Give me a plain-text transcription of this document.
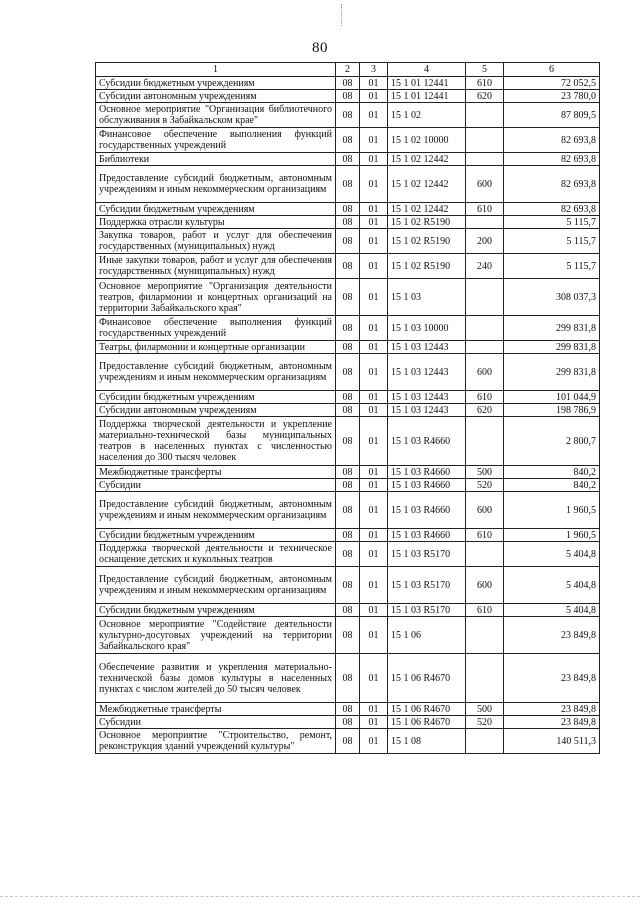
80
1	2	3	4	5	6
Субсидии бюджетным учреждениям	08	01	15 1 01 12441	610	72 052,5
Субсидии автономным учреждениям	08	01	15 1 01 12441	620	23 780,0
Основное мероприятие "Организация библиотечного обслуживания в Забайкальском крае"	08	01	15 1 02		87 809,5
Финансовое обеспечение выполнения функций государственных учреждений	08	01	15 1 02 10000		82 693,8
Библиотеки	08	01	15 1 02 12442		82 693,8
Предоставление субсидий бюджетным, автономным учреждениям и иным некоммерческим организациям	08	01	15 1 02 12442	600	82 693,8
Субсидии бюджетным учреждениям	08	01	15 1 02 12442	610	82 693,8
Поддержка отрасли культуры	08	01	15 1 02 R5190		5 115,7
Закупка товаров, работ и услуг для обеспечения государственных (муниципальных) нужд	08	01	15 1 02 R5190	200	5 115,7
Иные закупки товаров, работ и услуг для обеспечения государственных (муниципальных) нужд	08	01	15 1 02 R5190	240	5 115,7
Основное мероприятие "Организация деятельности театров, филармонии и концертных организаций на территории Забайкальского края"	08	01	15 1 03		308 037,3
Финансовое обеспечение выполнения функций государственных учреждений	08	01	15 1 03 10000		299 831,8
Театры, филармонии и концертные организации	08	01	15 1 03 12443		299 831,8
Предоставление субсидий бюджетным, автономным учреждениям и иным некоммерческим организациям	08	01	15 1 03 12443	600	299 831,8
Субсидии бюджетным учреждениям	08	01	15 1 03 12443	610	101 044,9
Субсидии автономным учреждениям	08	01	15 1 03 12443	620	198 786,9
Поддержка творческой деятельности и укрепление материально-технической базы муниципальных театров в населенных пунктах с численностью населения до 300 тысяч человек	08	01	15 1 03 R4660		2 800,7
Межбюджетные трансферты	08	01	15 1 03 R4660	500	840,2
Субсидии	08	01	15 1 03 R4660	520	840,2
Предоставление субсидий бюджетным, автономным учреждениям и иным некоммерческим организациям	08	01	15 1 03 R4660	600	1 960,5
Субсидии бюджетным учреждениям	08	01	15 1 03 R4660	610	1 960,5
Поддержка творческой деятельности и техническое оснащение детских и кукольных театров	08	01	15 1 03 R5170		5 404,8
Предоставление субсидий бюджетным, автономным учреждениям и иным некоммерческим организациям	08	01	15 1 03 R5170	600	5 404,8
Субсидии бюджетным учреждениям	08	01	15 1 03 R5170	610	5 404,8
Основное мероприятие "Содействие деятельности культурно-досуговых учреждений на территории Забайкальского края"	08	01	15 1 06		23 849,8
Обеспечение развития и укрепления материально-технической базы домов культуры в населенных пунктах с числом жителей до 50 тысяч человек	08	01	15 1 06 R4670		23 849,8
Межбюджетные трансферты	08	01	15 1 06 R4670	500	23 849,8
Субсидии	08	01	15 1 06 R4670	520	23 849,8
Основное мероприятие "Строительство, ремонт, реконструкция зданий учреждений культуры"	08	01	15 1 08		140 511,3
